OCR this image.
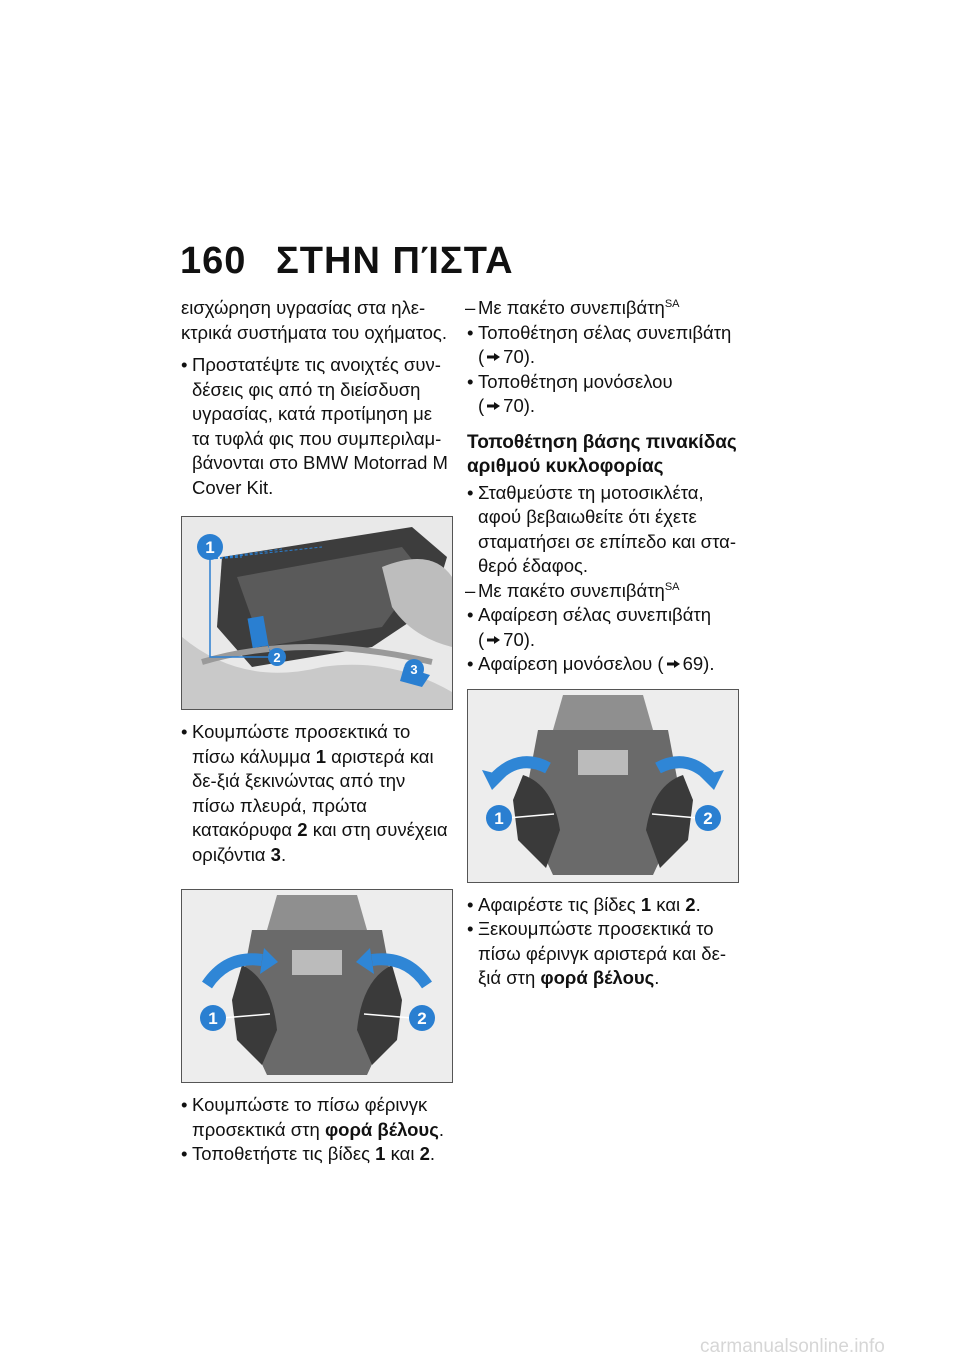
160 ΣΤΗΝ ΠΊΣΤΑ

εισχώρηση υγρασίας στα ηλε-κτρικά συστήματα του οχήματος.

• Προστατέψτε τις ανοιχτές συν-δέσεις φις από τη διείσδυση υγρασίας, κατά προτίμηση με τα τυφλά φις που συμπεριλαμ-βάνονται στο BMW Motorrad M Cover Kit.

1
2
3

• Κουμπώστε προσεκτικά το πίσω κάλυμμα 1 αριστερά και δε-ξιά ξεκινώντας από την πίσω πλευρά, πρώτα κατακόρυφα 2 και στη συνέχεια οριζόντια 3.

1	2

• Κουμπώστε το πίσω φέρινγκ προσεκτικά στη φορά βέλους.

• Τοποθετήστε τις βίδες 1 και 2.

– Με πακέτο συνεπιβάτη$^{SA}$

• Τοποθέτηση σέλας συνεπιβάτη
( 70).

• Τοποθέτηση μονόσελου
( 70).

Τοποθέτηση βάσης πινακίδας αριθμού κυκλοφορίας

• Σταθμεύστε τη μοτοσικλέτα, αφού βεβαιωθείτε ότι έχετε σταματήσει σε επίπεδο και στα-θερό έδαφος.

– Με πακέτο συνεπιβάτη$^{SA}$

• Αφαίρεση σέλας συνεπιβάτη
( 70).

• Αφαίρεση μονόσελου ( 69).

1	2

• Αφαιρέστε τις βίδες 1 και 2.

• Ξεκουμπώστε προσεκτικά το πίσω φέρινγκ αριστερά και δε-ξιά στη φορά βέλους.

carmanualsonline.info
